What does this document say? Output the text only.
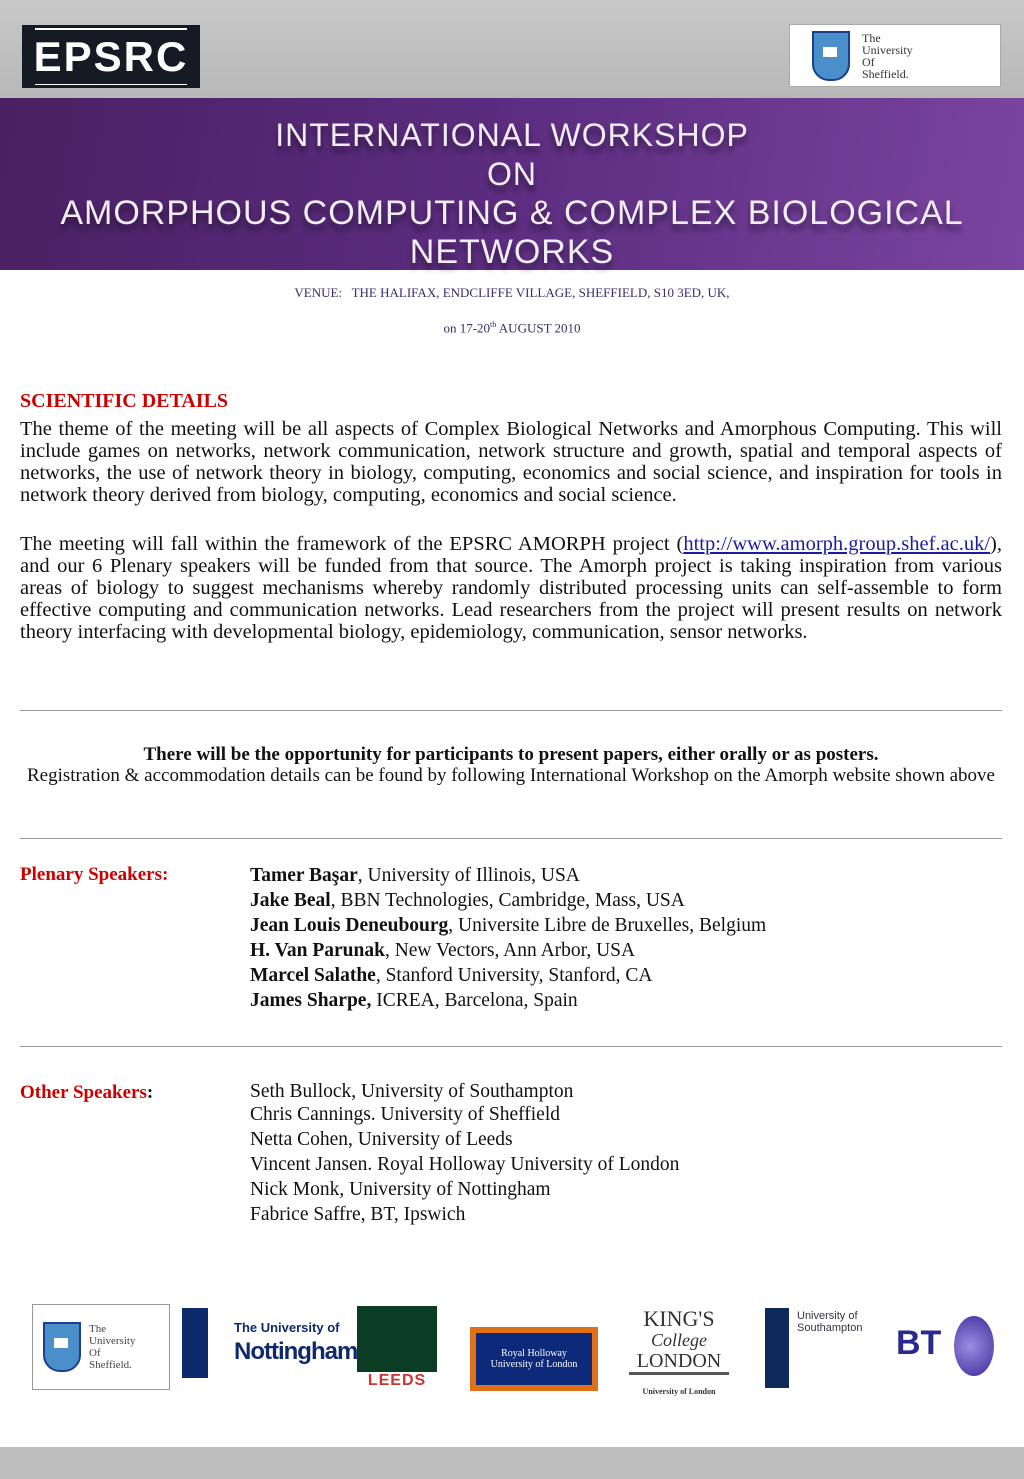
EPSRC	The
University
Of
Sheffield.
INTERNATIONAL WORKSHOP
ON
AMORPHOUS COMPUTING & COMPLEX BIOLOGICAL
NETWORKS
VENUE:   THE HALIFAX, ENDCLIFFE VILLAGE, SHEFFIELD, S10 3ED, UK,
on 17-20th AUGUST 2010
SCIENTIFIC DETAILS
The theme of the meeting will be all aspects of Complex Biological Networks and Amorphous Computing. This will include games on networks, network communication, network structure and growth, spatial and temporal aspects of networks, the use of network theory in biology, computing, economics and social science, and inspiration for tools in network theory derived from biology, computing, economics and social science.
The meeting will fall within the framework of the EPSRC AMORPH project (http://www.amorph.group.shef.ac.uk/), and our 6 Plenary speakers will be funded from that source. The Amorph project is taking inspiration from various areas of biology to suggest mechanisms whereby randomly distributed processing units can self-assemble to form effective computing and communication networks. Lead researchers from the project will present results on network theory interfacing with developmental biology, epidemiology, communication, sensor networks.
There will be the opportunity for participants to present papers, either orally or as posters.
Registration & accommodation details can be found by following International Workshop on the Amorph website shown above
Plenary Speakers:	Tamer Başar, University of Illinois, USA
Jake Beal, BBN Technologies, Cambridge, Mass, USA
Jean Louis Deneubourg, Universite Libre de Bruxelles, Belgium
H. Van Parunak, New Vectors, Ann Arbor, USA
Marcel Salathe, Stanford University, Stanford, CA
James Sharpe, ICREA, Barcelona, Spain
Other Speakers:	Seth Bullock, University of Southampton
Chris Cannings. University of Sheffield
Netta Cohen, University of Leeds
Vincent Jansen. Royal Holloway University of London
Nick Monk, University of Nottingham
Fabrice Saffre, BT, Ipswich
The University Of Sheffield.
The University of
Nottingham
LEEDS
Royal Holloway University of London
KING'S
College
LONDON
University of London
University of Southampton BT
